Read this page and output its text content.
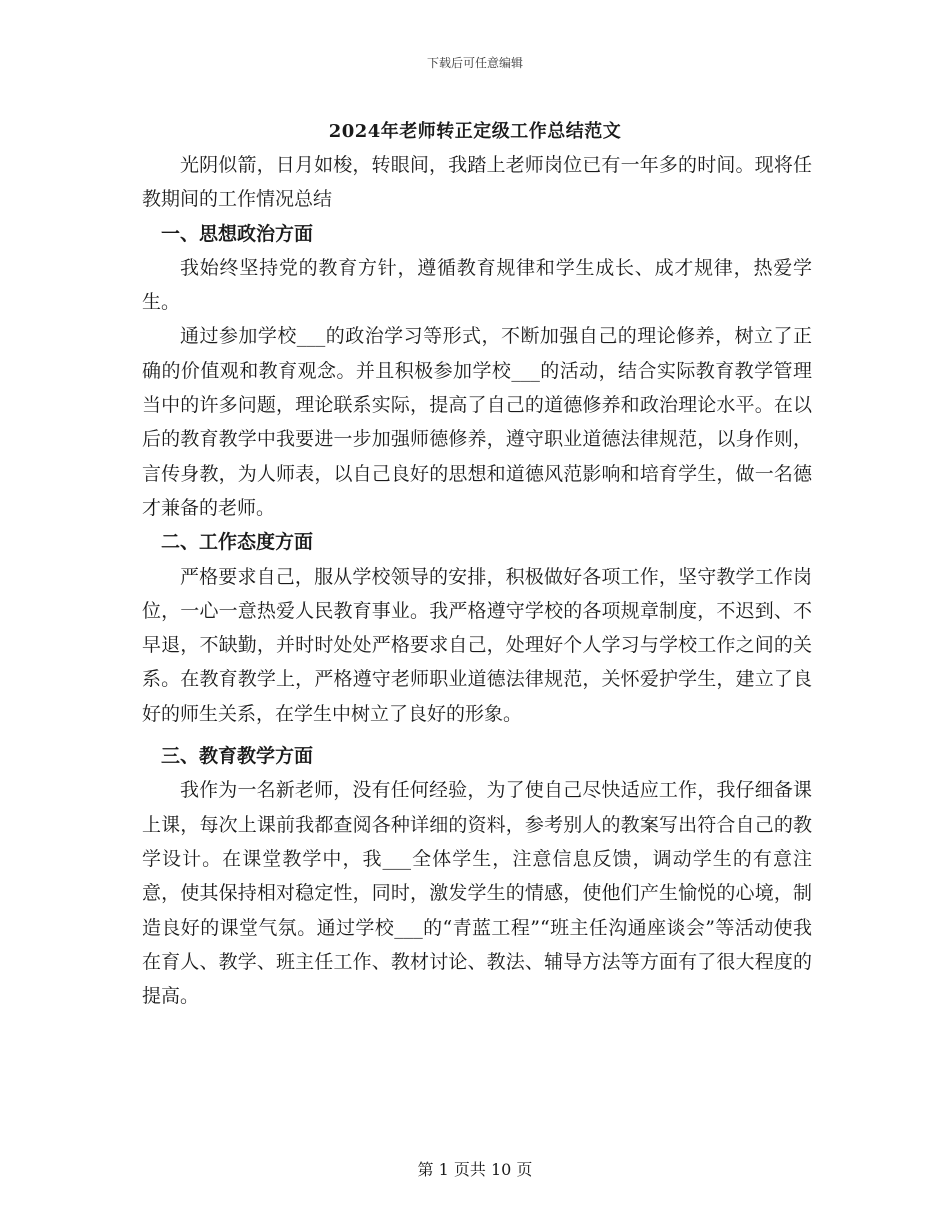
下载后可任意编辑
2024年老师转正定级工作总结范文

光阴似箭，日月如梭，转眼间，我踏上老师岗位已有一年多的时间。现将任教期间的工作情况总结

一、思想政治方面

我始终坚持党的教育方针，遵循教育规律和学生成长、成才规律，热爱学生。

通过参加学校___的政治学习等形式，不断加强自己的理论修养，树立了正确的价值观和教育观念。并且积极参加学校___的活动，结合实际教育教学管理当中的许多问题，理论联系实际，提高了自己的道德修养和政治理论水平。在以后的教育教学中我要进一步加强师德修养，遵守职业道德法律规范，以身作则，言传身教，为人师表，以自己良好的思想和道德风范影响和培育学生，做一名德才兼备的老师。

二、工作态度方面

严格要求自己，服从学校领导的安排，积极做好各项工作，坚守教学工作岗位，一心一意热爱人民教育事业。我严格遵守学校的各项规章制度，不迟到、不早退，不缺勤，并时时处处严格要求自己，处理好个人学习与学校工作之间的关系。在教育教学上，严格遵守老师职业道德法律规范，关怀爱护学生，建立了良好的师生关系，在学生中树立了良好的形象。

三、教育教学方面

我作为一名新老师，没有任何经验，为了使自己尽快适应工作，我仔细备课上课，每次上课前我都查阅各种详细的资料，参考别人的教案写出符合自己的教学设计。在课堂教学中，我___全体学生，注意信息反馈，调动学生的有意注意，使其保持相对稳定性，同时，激发学生的情感，使他们产生愉悦的心境，制造良好的课堂气氛。通过学校___的“青蓝工程”“班主任沟通座谈会”等活动使我在育人、教学、班主任工作、教材讨论、教法、辅导方法等方面有了很大程度的提高。

第 1 页共 10 页
